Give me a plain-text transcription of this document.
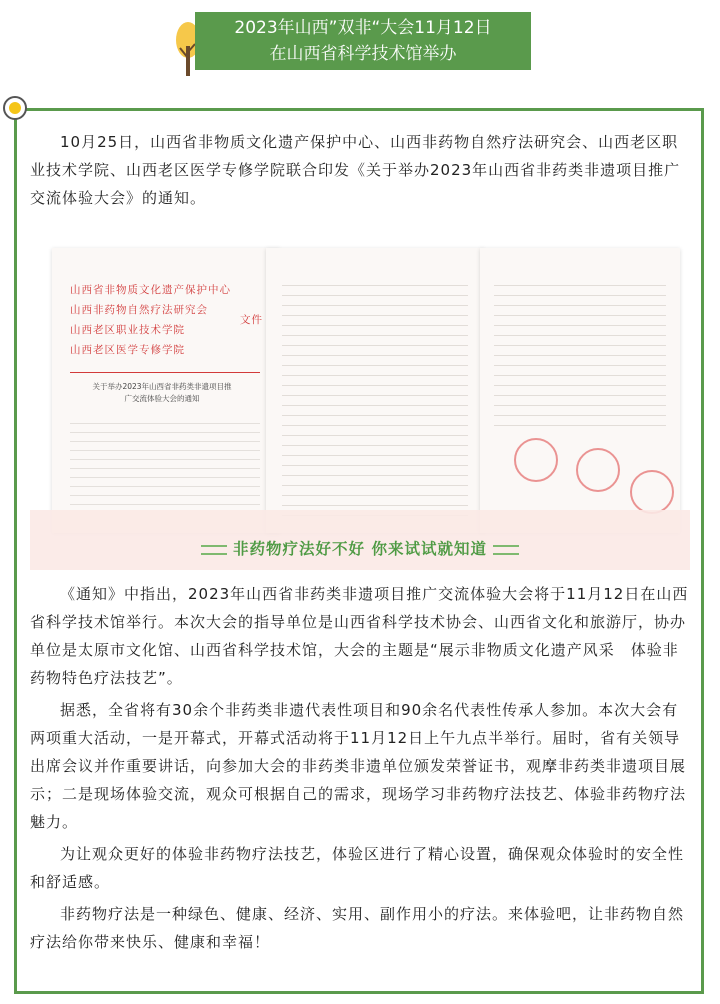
2023年山西”双非“大会11月12日
在山西省科学技术馆举办

10月25日，山西省非物质文化遗产保护中心、山西非药物自然疗法研究会、山西老区职业技术学院、山西老区医学专修学院联合印发《关于举办2023年山西省非药类非遗项目推广交流体验大会》的通知。

山西省非物质文化遗产保护中心
山西非药物自然疗法研究会
山西老区职业技术学院
文件
山西老区医学专修学院
关于举办2023年山西省非药类非遗项目推广交流体验大会的通知
非药物疗法好不好 你来试试就知道

《通知》中指出，2023年山西省非药类非遗项目推广交流体验大会将于11月12日在山西省科学技术馆举行。本次大会的指导单位是山西省科学技术协会、山西省文化和旅游厅，协办单位是太原市文化馆、山西省科学技术馆，大会的主题是“展示非物质文化遗产风采　体验非药物特色疗法技艺”。

据悉，全省将有30余个非药类非遗代表性项目和90余名代表性传承人参加。本次大会有两项重大活动，一是开幕式，开幕式活动将于11月12日上午九点半举行。届时，省有关领导出席会议并作重要讲话，向参加大会的非药类非遗单位颁发荣誉证书，观摩非药类非遗项目展示；二是现场体验交流，观众可根据自己的需求，现场学习非药物疗法技艺、体验非药物疗法魅力。

为让观众更好的体验非药物疗法技艺，体验区进行了精心设置，确保观众体验时的安全性和舒适感。

非药物疗法是一种绿色、健康、经济、实用、副作用小的疗法。来体验吧，让非药物自然疗法给你带来快乐、健康和幸福！
